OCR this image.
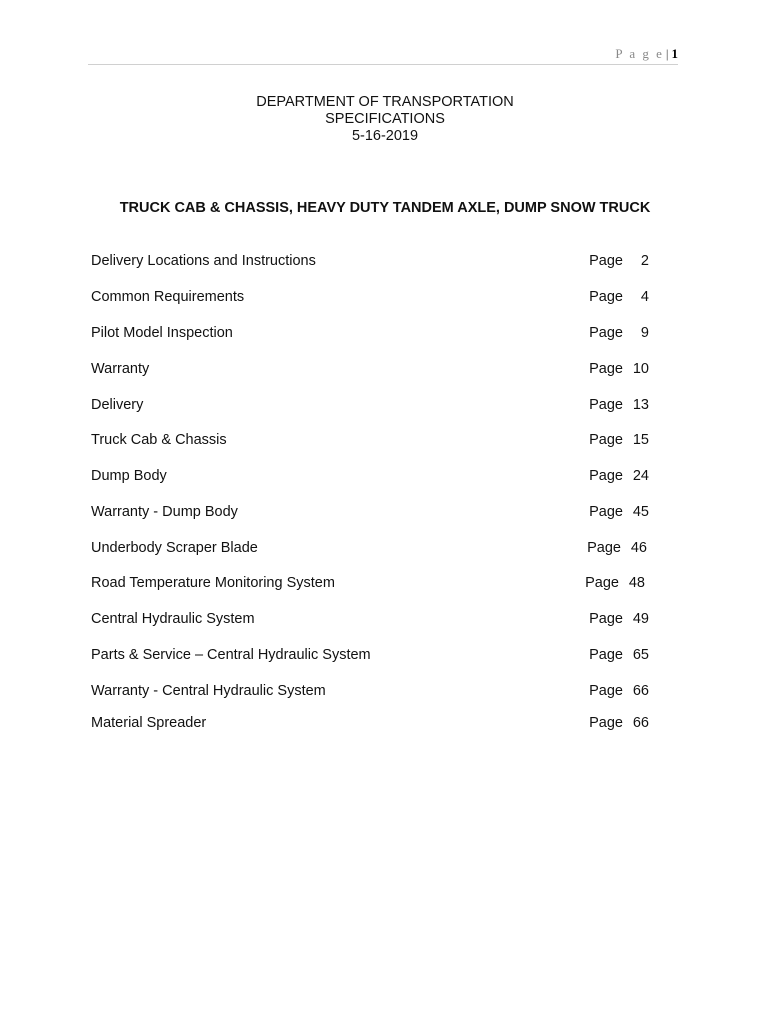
P a g e | 1
DEPARTMENT OF TRANSPORTATION
SPECIFICATIONS
5-16-2019
TRUCK CAB & CHASSIS, HEAVY DUTY TANDEM AXLE, DUMP SNOW TRUCK
Delivery Locations and Instructions	Page 2
Common Requirements	Page 4
Pilot Model Inspection	Page 9
Warranty	Page 10
Delivery	Page 13
Truck Cab & Chassis	Page 15
Dump Body	Page 24
Warranty - Dump Body	Page 45
Underbody Scraper Blade	Page 46
Road Temperature Monitoring System	Page 48
Central Hydraulic System	Page 49
Parts & Service – Central Hydraulic System	Page 65
Warranty - Central Hydraulic System	Page 66
Material Spreader	Page 66
